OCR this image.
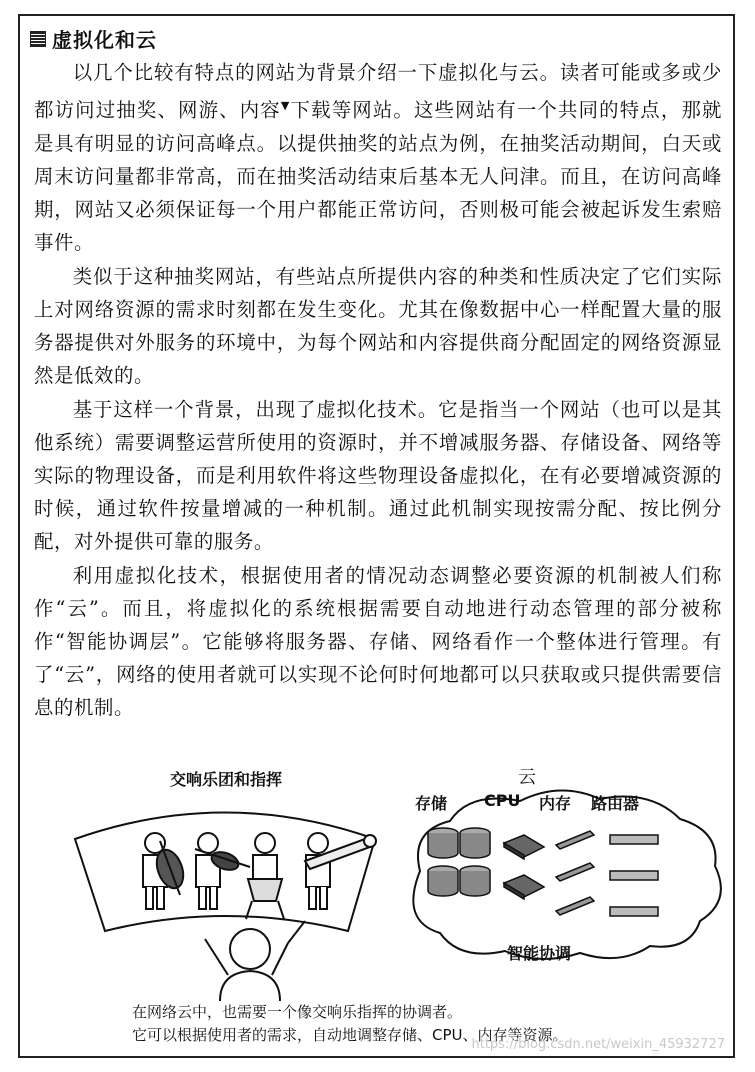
虚拟化和云

以几个比较有特点的网站为背景介绍一下虚拟化与云。读者可能或多或少都访问过抽奖、网游、内容▼下载等网站。这些网站有一个共同的特点，那就是具有明显的访问高峰点。以提供抽奖的站点为例，在抽奖活动期间，白天或周末访问量都非常高，而在抽奖活动结束后基本无人问津。而且，在访问高峰期，网站又必须保证每一个用户都能正常访问，否则极可能会被起诉发生索赔事件。

类似于这种抽奖网站，有些站点所提供内容的种类和性质决定了它们实际上对网络资源的需求时刻都在发生变化。尤其在像数据中心一样配置大量的服务器提供对外服务的环境中，为每个网站和内容提供商分配固定的网络资源显然是低效的。

基于这样一个背景，出现了虚拟化技术。它是指当一个网站（也可以是其他系统）需要调整运营所使用的资源时，并不增减服务器、存储设备、网络等实际的物理设备，而是利用软件将这些物理设备虚拟化，在有必要增减资源的时候，通过软件按量增减的一种机制。通过此机制实现按需分配、按比例分配，对外提供可靠的服务。

利用虚拟化技术，根据使用者的情况动态调整必要资源的机制被人们称作“云”。而且，将虚拟化的系统根据需要自动地进行动态管理的部分被称作“智能协调层”。它能够将服务器、存储、网络看作一个整体进行管理。有了“云”，网络的使用者就可以实现不论何时何地都可以只获取或只提供需要信息的机制。

交响乐团和指挥	云
存储 CPU 内存 路由器
智能协调
在网络云中，也需要一个像交响乐指挥的协调者。
它可以根据使用者的需求，自动地调整存储、CPU、内存等资源。
https://blog.csdn.net/weixin_45932727
